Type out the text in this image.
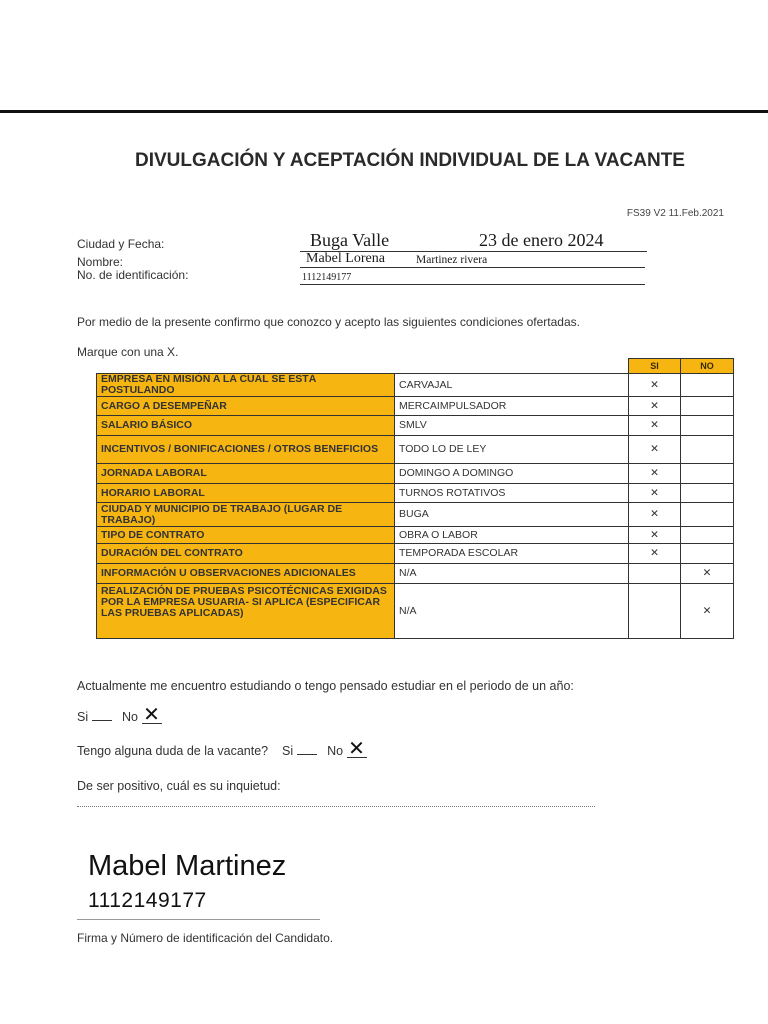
DIVULGACIÓN Y ACEPTACIÓN INDIVIDUAL DE LA VACANTE
FS39 V2 11.Feb.2021
Ciudad y Fecha:
Nombre:
No. de identificación:
Buga Valle	23 de enero 2024
Mabel Lorena	Martinez rivera
1112149177
Por medio de la presente confirmo que conozco y acepto las siguientes condiciones ofertadas.
Marque con una X.
		SI	NO
EMPRESA EN MISIÓN A LA CUAL SE ESTÁ POSTULANDO	CARVAJAL	✕	
CARGO A DESEMPEÑAR	MERCAIMPULSADOR	✕	
SALARIO BÁSICO	SMLV	✕	
INCENTIVOS / BONIFICACIONES / OTROS BENEFICIOS	TODO LO DE LEY	✕	
JORNADA LABORAL	DOMINGO A DOMINGO	✕	
HORARIO LABORAL	TURNOS ROTATIVOS	✕	
CIUDAD Y MUNICIPIO DE TRABAJO (LUGAR DE TRABAJO)	BUGA	✕	
TIPO DE CONTRATO	OBRA O LABOR	✕	
DURACIÓN DEL CONTRATO	TEMPORADA ESCOLAR	✕	
INFORMACIÓN U OBSERVACIONES ADICIONALES	N/A		✕
REALIZACIÓN DE PRUEBAS PSICOTÉCNICAS EXIGIDAS POR LA EMPRESA USUARIA- SI APLICA (ESPECIFICAR LAS PRUEBAS APLICADAS)	N/A		✕
Actualmente me encuentro estudiando o tengo pensado estudiar en el periodo de un año:
Si	No ✕
Tengo alguna duda de la vacante? Si	No ✕
De ser positivo, cuál es su inquietud:
Mabel Martinez
1112149177
Firma y Número de identificación del Candidato.
